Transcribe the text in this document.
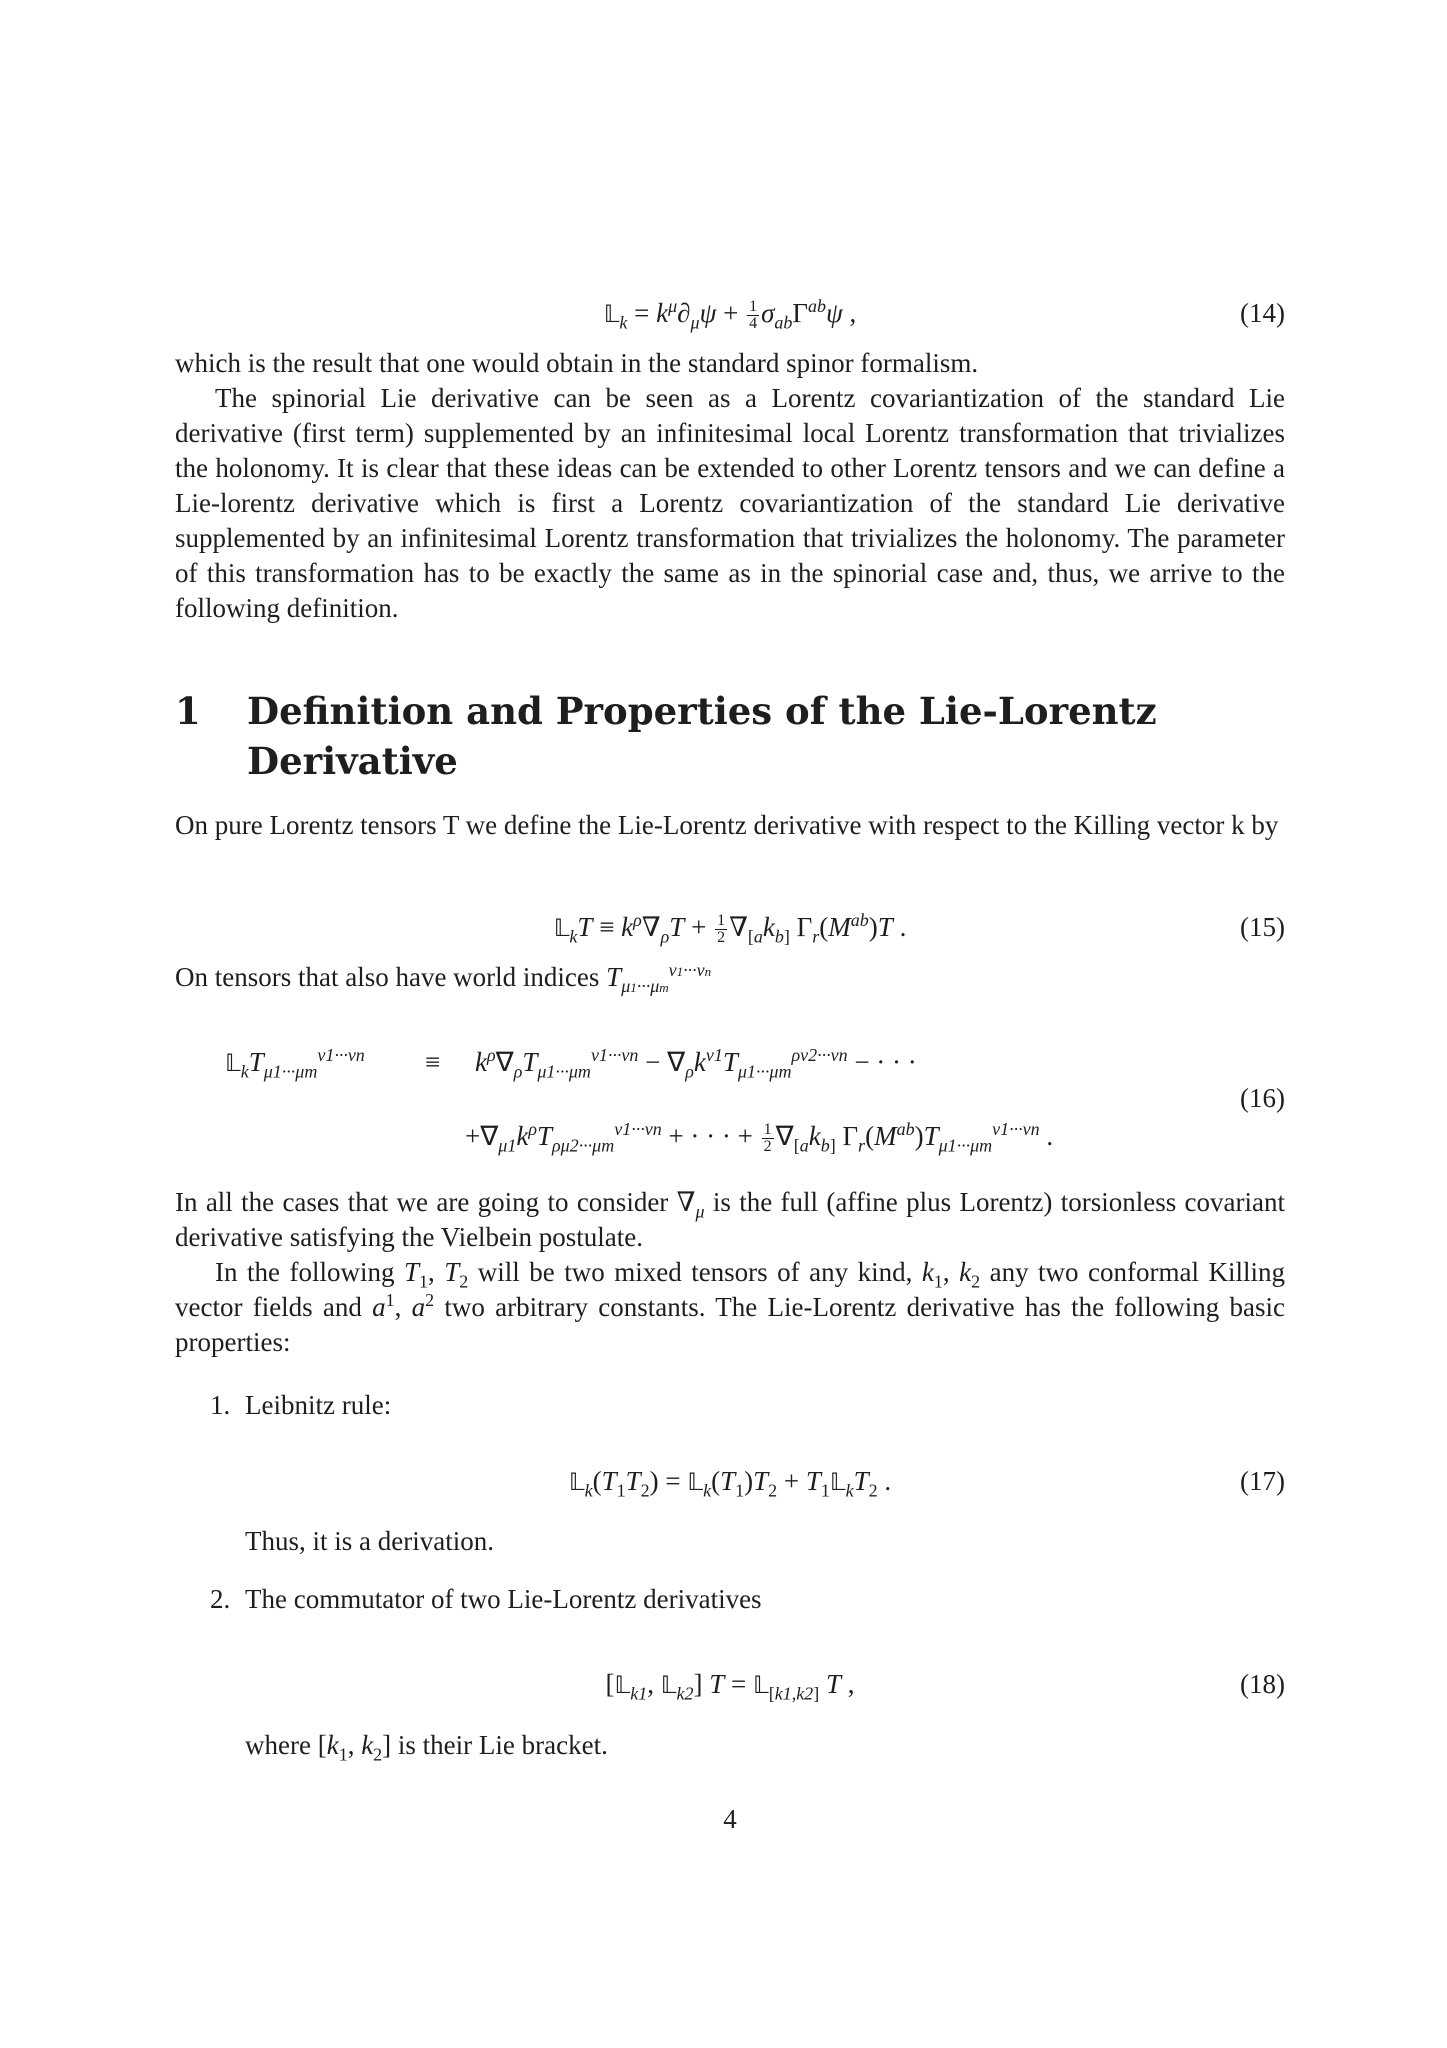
𝕃$_k$ = $k^\mu\partial_\mu\psi + \frac{1}{4} \sigma_{ab}\Gamma^{ab}\psi$ ,	(14)
which is the result that one would obtain in the standard spinor formalism.
The spinorial Lie derivative can be seen as a Lorentz covariantization of the standard Lie derivative (first term) supplemented by an infinitesimal local Lorentz transformation that trivializes the holonomy. It is clear that these ideas can be extended to other Lorentz tensors and we can define a Lie-lorentz derivative which is first a Lorentz covariantization of the standard Lie derivative supplemented by an infinitesimal Lorentz transformation that trivializes the holonomy. The parameter of this transformation has to be exactly the same as in the spinorial case and, thus, we arrive to the following definition.
1 Definition and Properties of the Lie-Lorentz Derivative
On pure Lorentz tensors T we define the Lie-Lorentz derivative with respect to the Killing vector k by
𝕃$_k$T ≡ $k^\rho\nabla_\rho T + \frac{1}{2} \nabla_{[a}k_{b]}$ $\Gamma_r(M^{ab})T$ .	(15)
On tensors that also have world indices $T_{\mu 1\cdot\cdot\cdot\mu m}^{\nu 1\cdot\cdot\cdot\nu n}$
$𝕃_kT_{\mu 1\cdot\cdot\cdot\mu m}^{\nu 1\cdot\cdot\cdot\nu n} \equiv k^\rho\nabla_\rho T_{\mu 1\cdot\cdot\cdot\mu m}^{\nu 1\cdot\cdot\cdot\nu n} - \nabla_\rho k^{\nu 1}T_{\mu 1\cdot\cdot\cdot\mu m}^{\rho\nu 2\cdot\cdot\cdot\nu n}$ − · · ·
$+\nabla_{\mu 1}k^\rho T_{\rho\mu 2\cdot\cdot\cdot\mu m}^{\nu 1\cdot\cdot\cdot\nu n}$ + · · · + $\frac{1}{2} \nabla_{[a}k_{b]}$ $\Gamma_r(M^{ab})T_{\mu 1\cdot\cdot\cdot\mu m}^{\nu 1\cdot\cdot\cdot\nu n}$ .
(16)
In all the cases that we are going to consider $\nabla_\mu$ is the full (affine plus Lorentz) torsionless covariant derivative satisfying the Vielbein postulate.
In the following $T_1$, $T_2$ will be two mixed tensors of any kind, $k_1$, $k_2$ any two conformal Killing vector fields and $a^1$, $a^2$ two arbitrary constants. The Lie-Lorentz derivative has the following basic properties:
1. Leibnitz rule:
$𝕃_k(T_1T_2)$ = $𝕃_k(T_1)T_2$ + $T_1𝕃_kT_2$ .	(17)
Thus, it is a derivation.
2. The commutator of two Lie-Lorentz derivatives
[𝕃$_{k1}$, 𝕃$_{k2}$] T = 𝕃$_{[k1,k2]}$ T ,	(18)
where [$k_1$, $k_2$] is their Lie bracket.
4
